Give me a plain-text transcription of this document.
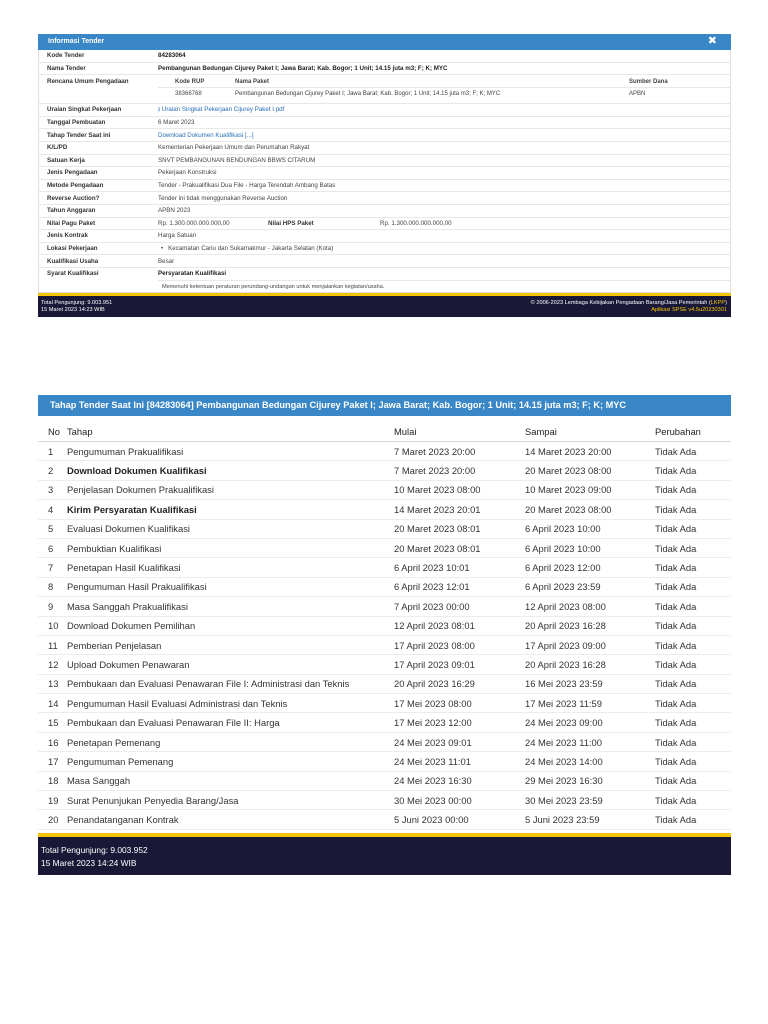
Informasi Tender	✖
Kode Tender	84283064
Nama Tender	Pembangunan Bedungan Cijurey Paket I; Jawa Barat; Kab. Bogor; 1 Unit; 14.15 juta m3; F; K; MYC
Rencana Umum Pengadaan	Kode RUP	Nama Paket	Sumber Dana
38366768	Pembangunan Bedungan Cijurey Paket I; Jawa Barat; Kab. Bogor; 1 Unit; 14.15 juta m3; F; K; MYC	APBN
Uraian Singkat Pekerjaan	⭳ Uraian Singkat Pekerjaan Cijurey Paket I.pdf
Tanggal Pembuatan	6 Maret 2023
Tahap Tender Saat ini	Download Dokumen Kualifikasi [...]
K/L/PD	Kementerian Pekerjaan Umum dan Perumahan Rakyat
Satuan Kerja	SNVT PEMBANGUNAN BENDUNGAN BBWS CITARUM
Jenis Pengadaan	Pekerjaan Konstruksi
Metode Pengadaan	Tender - Prakualifikasi Dua File - Harga Terendah Ambang Batas
Reverse Auction?	Tender ini tidak menggunakan Reverse Auction
Tahun Anggaran	APBN 2023
Nilai Pagu Paket	Rp. 1.300.000.000.000,00	Nilai HPS Paket	Rp. 1.300.000.000.000,00
Jenis Kontrak	Harga Satuan
Lokasi Pekerjaan	• Kecamatan Cariu dan Sukamakmur - Jakarta Selatan (Kota)
Kualifikasi Usaha	Besar
Syarat Kualifikasi	Persyaratan Kualifikasi
Memenuhi ketentuan peraturan perundang-undangan untuk menjalankan kegiatan/usaha.
Total Pengunjung: 9.003.951
15 Maret 2023 14:23 WIB
© 2006-2023 Lembaga Kebijakan Pengadaan Barang/Jasa Pemerintah (LKPP)
Aplikasi SPSE v4.5u20230301
Tahap Tender Saat Ini [84283064] Pembangunan Bedungan Cijurey Paket I; Jawa Barat; Kab. Bogor; 1 Unit; 14.15 juta m3; F; K; MYC
No	Tahap	Mulai	Sampai	Perubahan
1	Pengumuman Prakualifikasi	7 Maret 2023 20:00	14 Maret 2023 20:00	Tidak Ada
2	Download Dokumen Kualifikasi	7 Maret 2023 20:00	20 Maret 2023 08:00	Tidak Ada
3	Penjelasan Dokumen Prakualifikasi	10 Maret 2023 08:00	10 Maret 2023 09:00	Tidak Ada
4	Kirim Persyaratan Kualifikasi	14 Maret 2023 20:01	20 Maret 2023 08:00	Tidak Ada
5	Evaluasi Dokumen Kualifikasi	20 Maret 2023 08:01	6 April 2023 10:00	Tidak Ada
6	Pembuktian Kualifikasi	20 Maret 2023 08:01	6 April 2023 10:00	Tidak Ada
7	Penetapan Hasil Kualifikasi	6 April 2023 10:01	6 April 2023 12:00	Tidak Ada
8	Pengumuman Hasil Prakualifikasi	6 April 2023 12:01	6 April 2023 23:59	Tidak Ada
9	Masa Sanggah Prakualifikasi	7 April 2023 00:00	12 April 2023 08:00	Tidak Ada
10	Download Dokumen Pemilihan	12 April 2023 08:01	20 April 2023 16:28	Tidak Ada
11	Pemberian Penjelasan	17 April 2023 08:00	17 April 2023 09:00	Tidak Ada
12	Upload Dokumen Penawaran	17 April 2023 09:01	20 April 2023 16:28	Tidak Ada
13	Pembukaan dan Evaluasi Penawaran File I: Administrasi dan Teknis	20 April 2023 16:29	16 Mei 2023 23:59	Tidak Ada
14	Pengumuman Hasil Evaluasi Administrasi dan Teknis	17 Mei 2023 08:00	17 Mei 2023 11:59	Tidak Ada
15	Pembukaan dan Evaluasi Penawaran File II: Harga	17 Mei 2023 12:00	24 Mei 2023 09:00	Tidak Ada
16	Penetapan Pemenang	24 Mei 2023 09:01	24 Mei 2023 11:00	Tidak Ada
17	Pengumuman Pemenang	24 Mei 2023 11:01	24 Mei 2023 14:00	Tidak Ada
18	Masa Sanggah	24 Mei 2023 16:30	29 Mei 2023 16:30	Tidak Ada
19	Surat Penunjukan Penyedia Barang/Jasa	30 Mei 2023 00:00	30 Mei 2023 23:59	Tidak Ada
20	Penandatanganan Kontrak	5 Juni 2023 00:00	5 Juni 2023 23:59	Tidak Ada
Total Pengunjung: 9.003.952
15 Maret 2023 14:24 WIB
